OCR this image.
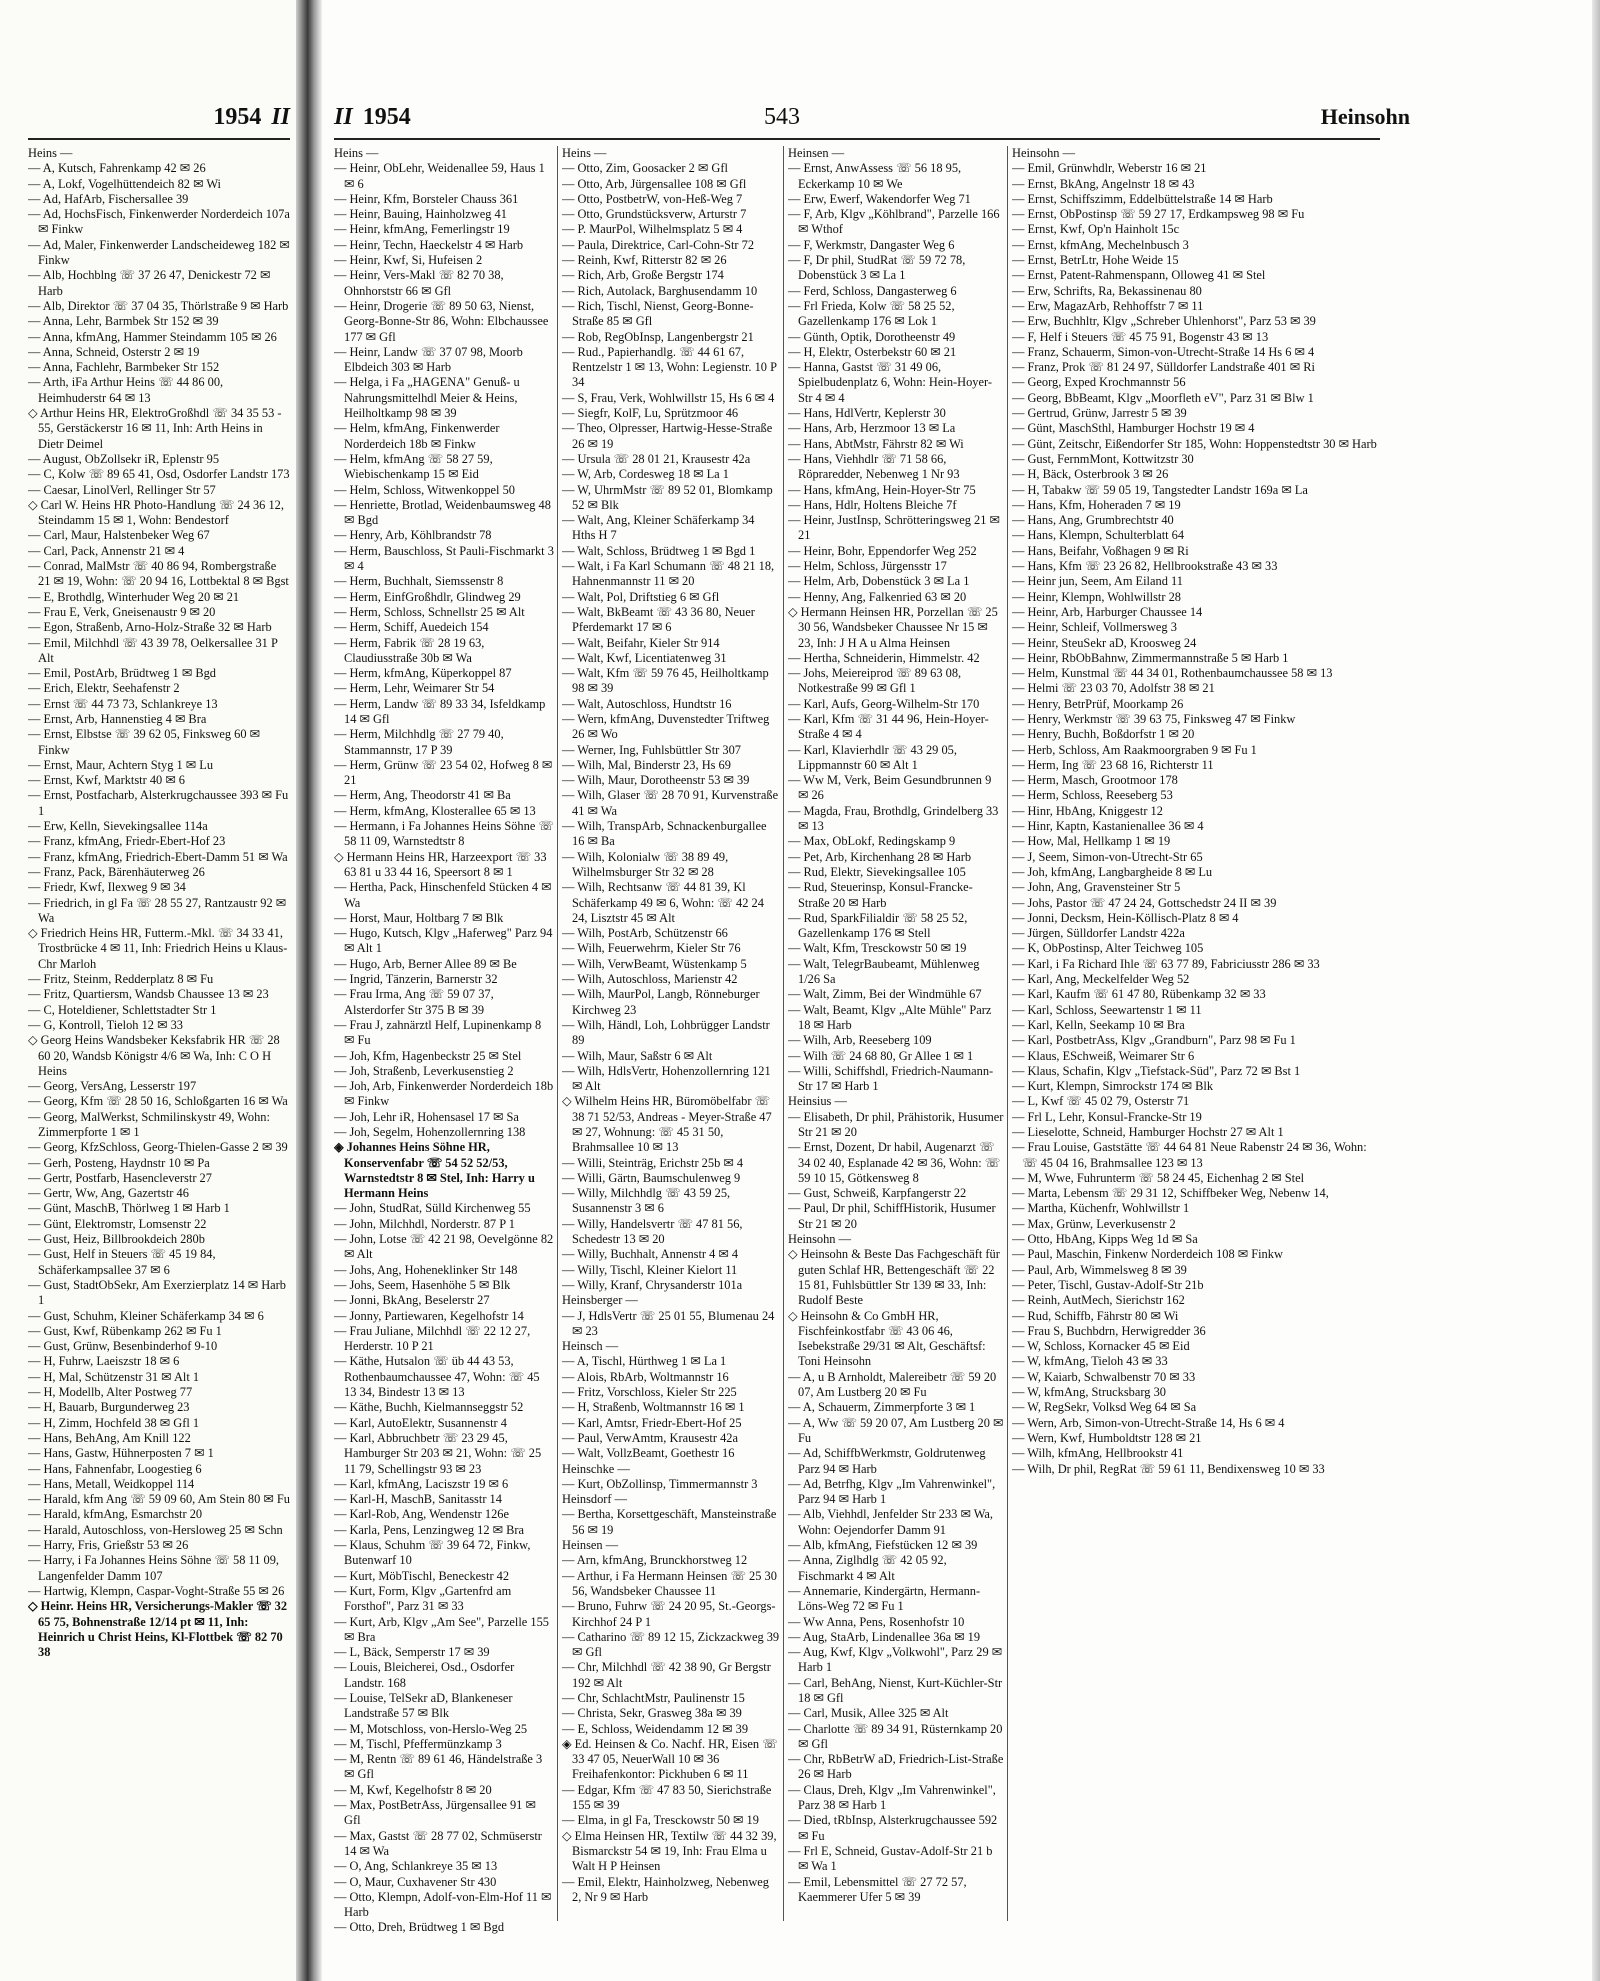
1954 II
Heins —
— A, Kutsch, Fahrenkamp 42 ✉ 26
— A, Lokf, Vogelhüttendeich 82 ✉ Wi
— Ad, HafArb, Fischersallee 39
— Ad, HochsFisch, Finkenwerder Norderdeich 107a ✉ Finkw
— Ad, Maler, Finkenwerder Landscheideweg 182 ✉ Finkw
— Alb, Hochblng ☏ 37 26 47, Denickestr 72 ✉ Harb
— Alb, Direktor ☏ 37 04 35, Thörlstraße 9 ✉ Harb
— Anna, Lehr, Barmbek Str 152 ✉ 39
— Anna, kfmAng, Hammer Steindamm 105 ✉ 26
— Anna, Schneid, Osterstr 2 ✉ 19
— Anna, Fachlehr, Barmbeker Str 152
— Arth, iFa Arthur Heins ☏ 44 86 00, Heimhuderstr 64 ✉ 13
◇ Arthur Heins HR, ElektroGroßhdl ☏ 34 35 53 - 55, Gerstäckerstr 16 ✉ 11, Inh: Arth Heins in Dietr Deimel
— August, ObZollsekr iR, Eplenstr 95
— C, Kolw ☏ 89 65 41, Osd, Osdorfer Landstr 173
— Caesar, LinolVerl, Rellinger Str 57
◇ Carl W. Heins HR Photo-Handlung ☏ 24 36 12, Steindamm 15 ✉ 1, Wohn: Bendestorf
— Carl, Maur, Halstenbeker Weg 67
— Carl, Pack, Annenstr 21 ✉ 4
— Conrad, MalMstr ☏ 40 86 94, Rombergstraße 21 ✉ 19, Wohn: ☏ 20 94 16, Lottbektal 8 ✉ Bgst
— E, Brothdlg, Winterhuder Weg 20 ✉ 21
— Frau E, Verk, Gneisenaustr 9 ✉ 20
— Egon, Straßenb, Arno-Holz-Straße 32 ✉ Harb
— Emil, Milchhdl ☏ 43 39 78, Oelkersallee 31 P Alt
— Emil, PostArb, Brüdtweg 1 ✉ Bgd
— Erich, Elektr, Seehafenstr 2
— Ernst ☏ 44 73 73, Schlankreye 13
— Ernst, Arb, Hannenstieg 4 ✉ Bra
— Ernst, Elbstse ☏ 39 62 05, Finksweg 60 ✉ Finkw
— Ernst, Maur, Achtern Styg 1 ✉ Lu
— Ernst, Kwf, Marktstr 40 ✉ 6
— Ernst, Postfacharb, Alsterkrugchaussee 393 ✉ Fu 1
— Erw, Kelln, Sievekingsallee 114a
— Franz, kfmAng, Friedr-Ebert-Hof 23
— Franz, kfmAng, Friedrich-Ebert-Damm 51 ✉ Wa
— Franz, Pack, Bärenhäuterweg 26
— Friedr, Kwf, Ilexweg 9 ✉ 34
— Friedrich, in gl Fa ☏ 28 55 27, Rantzaustr 92 ✉ Wa
◇ Friedrich Heins HR, Futterm.-Mkl. ☏ 34 33 41, Trostbrücke 4 ✉ 11, Inh: Friedrich Heins u Klaus-Chr Marloh
— Fritz, Steinm, Redderplatz 8 ✉ Fu
— Fritz, Quartiersm, Wandsb Chaussee 13 ✉ 23
— C, Hoteldiener, Schlettstadter Str 1
— G, Kontroll, Tieloh 12 ✉ 33
◇ Georg Heins Wandsbeker Keksfabrik HR ☏ 28 60 20, Wandsb Königstr 4/6 ✉ Wa, Inh: C O H Heins
— Georg, VersAng, Lesserstr 197
— Georg, Kfm ☏ 28 50 16, Schloßgarten 16 ✉ Wa
— Georg, MalWerkst, Schmilinskystr 49, Wohn: Zimmerpforte 1 ✉ 1
— Georg, KfzSchloss, Georg-Thielen-Gasse 2 ✉ 39
— Gerh, Posteng, Haydnstr 10 ✉ Pa
— Gertr, Postfarb, Hasencleverstr 27
— Gertr, Ww, Ang, Gazertstr 46
— Günt, MaschB, Thörlweg 1 ✉ Harb 1
— Günt, Elektromstr, Lomsenstr 22
— Gust, Heiz, Billbrookdeich 280b
— Gust, Helf in Steuers ☏ 45 19 84, Schäferkampsallee 37 ✉ 6
— Gust, StadtObSekr, Am Exerzierplatz 14 ✉ Harb 1
— Gust, Schuhm, Kleiner Schäferkamp 34 ✉ 6
— Gust, Kwf, Rübenkamp 262 ✉ Fu 1
— Gust, Grünw, Besenbinderhof 9-10
— H, Fuhrw, Laeiszstr 18 ✉ 6
— H, Mal, Schützenstr 31 ✉ Alt 1
— H, Modellb, Alter Postweg 77
— H, Bauarb, Burgunderweg 23
— H, Zimm, Hochfeld 38 ✉ Gfl 1
— Hans, BehAng, Am Knill 122
— Hans, Gastw, Hühnerposten 7 ✉ 1
— Hans, Fahnenfabr, Loogestieg 6
— Hans, Metall, Weidkoppel 114
— Harald, kfm Ang ☏ 59 09 60, Am Stein 80 ✉ Fu
— Harald, kfmAng, Esmarchstr 20
— Harald, Autoschloss, von-Hersloweg 25 ✉ Schn
— Harry, Fris, Grießstr 53 ✉ 26
— Harry, i Fa Johannes Heins Söhne ☏ 58 11 09, Langenfelder Damm 107
— Hartwig, Klempn, Caspar-Voght-Straße 55 ✉ 26
◇ Heinr. Heins HR, Versicherungs-Makler ☏ 32 65 75, Bohnenstraße 12/14 pt ✉ 11, Inh: Heinrich u Christ Heins, Kl-Flottbek ☏ 82 70 38
II 1954	543	Heinsohn
Heins —
— Heinr, ObLehr, Weidenallee 59, Haus 1 ✉ 6
— Heinr, Kfm, Borsteler Chauss 361
— Heinr, Bauing, Hainholzweg 41
— Heinr, kfmAng, Femerlingstr 19
— Heinr, Techn, Haeckelstr 4 ✉ Harb
— Heinr, Kwf, Si, Hufeisen 2
— Heinr, Vers-Makl ☏ 82 70 38, Ohnhorststr 66 ✉ Gfl
— Heinr, Drogerie ☏ 89 50 63, Nienst, Georg-Bonne-Str 86, Wohn: Elbchaussee 177 ✉ Gfl
— Heinr, Landw ☏ 37 07 98, Moorb Elbdeich 303 ✉ Harb
— Helga, i Fa „HAGENA" Genuß- u Nahrungsmittelhdl Meier & Heins, Heilholtkamp 98 ✉ 39
— Helm, kfmAng, Finkenwerder Norderdeich 18b ✉ Finkw
— Helm, kfmAng ☏ 58 27 59, Wiebischenkamp 15 ✉ Eid
— Helm, Schloss, Witwenkoppel 50
— Henriette, Brotlad, Weidenbaumsweg 48 ✉ Bgd
— Henry, Arb, Köhlbrandstr 78
— Herm, Bauschloss, St Pauli-Fischmarkt 3 ✉ 4
— Herm, Buchhalt, Siemssenstr 8
— Herm, EinfGroßhdlr, Glindweg 29
— Herm, Schloss, Schnellstr 25 ✉ Alt
— Herm, Schiff, Auedeich 154
— Herm, Fabrik ☏ 28 19 63, Claudiusstraße 30b ✉ Wa
— Herm, kfmAng, Küperkoppel 87
— Herm, Lehr, Weimarer Str 54
— Herm, Landw ☏ 89 33 34, Isfeldkamp 14 ✉ Gfl
— Herm, Milchhdlg ☏ 27 79 40, Stammannstr, 17 P 39
— Herm, Grünw ☏ 23 54 02, Hofweg 8 ✉ 21
— Herm, Ang, Theodorstr 41 ✉ Ba
— Herm, kfmAng, Klosterallee 65 ✉ 13
— Hermann, i Fa Johannes Heins Söhne ☏ 58 11 09, Warnstedtstr 8
◇ Hermann Heins HR, Harzeexport ☏ 33 63 81 u 33 44 16, Speersort 8 ✉ 1
— Hertha, Pack, Hinschenfeld Stücken 4 ✉ Wa
— Horst, Maur, Holtbarg 7 ✉ Blk
— Hugo, Kutsch, Klgv „Haferweg" Parz 94 ✉ Alt 1
— Hugo, Arb, Berner Allee 89 ✉ Be
— Ingrid, Tänzerin, Barnerstr 32
— Frau Irma, Ang ☏ 59 07 37, Alsterdorfer Str 375 B ✉ 39
— Frau J, zahnärztl Helf, Lupinenkamp 8 ✉ Fu
— Joh, Kfm, Hagenbeckstr 25 ✉ Stel
— Joh, Straßenb, Leverkusenstieg 2
— Joh, Arb, Finkenwerder Norderdeich 18b ✉ Finkw
— Joh, Lehr iR, Hohensasel 17 ✉ Sa
— Joh, Segelm, Hohenzollernring 138
◈ Johannes Heins Söhne HR, Konservenfabr ☏ 54 52 52/53, Warnstedtstr 8 ✉ Stel, Inh: Harry u Hermann Heins
— John, StudRat, Sülld Kirchenweg 55
— John, Milchhdl, Norderstr. 87 P 1
— John, Lotse ☏ 42 21 98, Oevelgönne 82 ✉ Alt
— Johs, Ang, Hoheneklinker Str 148
— Johs, Seem, Hasenhöhe 5 ✉ Blk
— Jonni, BkAng, Beselerstr 27
— Jonny, Partiewaren, Kegelhofstr 14
— Frau Juliane, Milchhdl ☏ 22 12 27, Herderstr. 10 P 21
— Käthe, Hutsalon ☏ üb 44 43 53, Rothenbaumchaussee 47, Wohn: ☏ 45 13 34, Bindestr 13 ✉ 13
— Käthe, Buchh, Kielmannseggstr 52
— Karl, AutoElektr, Susannenstr 4
— Karl, Abbruchbetr ☏ 23 29 45, Hamburger Str 203 ✉ 21, Wohn: ☏ 25 11 79, Schellingstr 93 ✉ 23
— Karl, kfmAng, Laciszstr 19 ✉ 6
— Karl-H, MaschB, Sanitasstr 14
— Karl-Rob, Ang, Wendenstr 126e
— Karla, Pens, Lenzingweg 12 ✉ Bra
— Klaus, Schuhm ☏ 39 64 72, Finkw, Butenwarf 10
— Kurt, MöbTischl, Beneckestr 42
— Kurt, Form, Klgv „Gartenfrd am Forsthof", Parz 31 ✉ 33
— Kurt, Arb, Klgv „Am See", Parzelle 155 ✉ Bra
— L, Bäck, Semperstr 17 ✉ 39
— Louis, Bleicherei, Osd., Osdorfer Landstr. 168
— Louise, TelSekr aD, Blankeneser Landstraße 57 ✉ Blk
— M, Motschloss, von-Herslo-Weg 25
— M, Tischl, Pfeffermünzkamp 3
— M, Rentn ☏ 89 61 46, Händelstraße 3 ✉ Gfl
— M, Kwf, Kegelhofstr 8 ✉ 20
— Max, PostBetrAss, Jürgensallee 91 ✉ Gfl
— Max, Gastst ☏ 28 77 02, Schmüserstr 14 ✉ Wa
— O, Ang, Schlankreye 35 ✉ 13
— O, Maur, Cuxhavener Str 430
— Otto, Klempn, Adolf-von-Elm-Hof 11 ✉ Harb
— Otto, Dreh, Brüdtweg 1 ✉ Bgd
Heins —
— Otto, Zim, Goosacker 2 ✉ Gfl
— Otto, Arb, Jürgensallee 108 ✉ Gfl
— Otto, PostbetrW, von-Heß-Weg 7
— Otto, Grundstücksverw, Arturstr 7
— P. MaurPol, Wilhelmsplatz 5 ✉ 4
— Paula, Direktrice, Carl-Cohn-Str 72
— Reinh, Kwf, Ritterstr 82 ✉ 26
— Rich, Arb, Große Bergstr 174
— Rich, Autolack, Barghusendamm 10
— Rich, Tischl, Nienst, Georg-Bonne-Straße 85 ✉ Gfl
— Rob, RegObInsp, Langenbergstr 21
— Rud., Papierhandlg. ☏ 44 61 67, Rentzelstr 1 ✉ 13, Wohn: Legienstr. 10 P 34
— S, Frau, Verk, Wohlwillstr 15, Hs 6 ✉ 4
— Siegfr, KolF, Lu, Sprützmoor 46
— Theo, Olpresser, Hartwig-Hesse-Straße 26 ✉ 19
— Ursula ☏ 28 01 21, Krausestr 42a
— W, Arb, Cordesweg 18 ✉ La 1
— W, UhrmMstr ☏ 89 52 01, Blomkamp 52 ✉ Blk
— Walt, Ang, Kleiner Schäferkamp 34 Hths H 7
— Walt, Schloss, Brüdtweg 1 ✉ Bgd 1
— Walt, i Fa Karl Schumann ☏ 48 21 18, Hahnenmannstr 11 ✉ 20
— Walt, Pol, Driftstieg 6 ✉ Gfl
— Walt, BkBeamt ☏ 43 36 80, Neuer Pferdemarkt 17 ✉ 6
— Walt, Beifahr, Kieler Str 914
— Walt, Kwf, Licentiatenweg 31
— Walt, Kfm ☏ 59 76 45, Heilholtkamp 98 ✉ 39
— Walt, Autoschloss, Hundtstr 16
— Wern, kfmAng, Duvenstedter Triftweg 26 ✉ Wo
— Werner, Ing, Fuhlsbüttler Str 307
— Wilh, Mal, Binderstr 23, Hs 69
— Wilh, Maur, Dorotheenstr 53 ✉ 39
— Wilh, Glaser ☏ 28 70 91, Kurvenstraße 41 ✉ Wa
— Wilh, TranspArb, Schnackenburgallee 16 ✉ Ba
— Wilh, Kolonialw ☏ 38 89 49, Wilhelmsburger Str 32 ✉ 28
— Wilh, Rechtsanw ☏ 44 81 39, Kl Schäferkamp 49 ✉ 6, Wohn: ☏ 42 24 24, Lisztstr 45 ✉ Alt
— Wilh, PostArb, Schützenstr 66
— Wilh, Feuerwehrm, Kieler Str 76
— Wilh, VerwBeamt, Wüstenkamp 5
— Wilh, Autoschloss, Marienstr 42
— Wilh, MaurPol, Langb, Rönneburger Kirchweg 23
— Wilh, Händl, Loh, Lohbrügger Landstr 89
— Wilh, Maur, Saßstr 6 ✉ Alt
— Wilh, HdlsVertr, Hohenzollernring 121 ✉ Alt
◇ Wilhelm Heins HR, Büromöbelfabr ☏ 38 71 52/53, Andreas - Meyer-Straße 47 ✉ 27, Wohnung: ☏ 45 31 50, Brahmsallee 10 ✉ 13
— Willi, Steinträg, Erichstr 25b ✉ 4
— Willi, Gärtn, Baumschulenweg 9
— Willy, Milchhdlg ☏ 43 59 25, Susannenstr 3 ✉ 6
— Willy, Handelsvertr ☏ 47 81 56, Schedestr 13 ✉ 20
— Willy, Buchhalt, Annenstr 4 ✉ 4
— Willy, Tischl, Kleiner Kielort 11
— Willy, Kranf, Chrysanderstr 101a
Heinsberger —
— J, HdlsVertr ☏ 25 01 55, Blumenau 24 ✉ 23
Heinsch —
— A, Tischl, Hürthweg 1 ✉ La 1
— Alois, RbArb, Woltmannstr 16
— Fritz, Vorschloss, Kieler Str 225
— H, Straßenb, Woltmannstr 16 ✉ 1
— Karl, Amtsr, Friedr-Ebert-Hof 25
— Paul, VerwAmtm, Krausestr 42a
— Walt, VollzBeamt, Goethestr 16
Heinschke —
— Kurt, ObZollinsp, Timmermannstr 3
Heinsdorf —
— Bertha, Korsettgeschäft, Mansteinstraße 56 ✉ 19
Heinsen —
— Arn, kfmAng, Brunckhorstweg 12
— Arthur, i Fa Hermann Heinsen ☏ 25 30 56, Wandsbeker Chaussee 11
— Bruno, Fuhrw ☏ 24 20 95, St.-Georgs-Kirchhof 24 P 1
— Catharino ☏ 89 12 15, Zickzackweg 39 ✉ Gfl
— Chr, Milchhdl ☏ 42 38 90, Gr Bergstr 192 ✉ Alt
— Chr, SchlachtMstr, Paulinenstr 15
— Christa, Sekr, Grasweg 38a ✉ 39
— E, Schloss, Weidendamm 12 ✉ 39
◈ Ed. Heinsen & Co. Nachf. HR, Eisen ☏ 33 47 05, NeuerWall 10 ✉ 36 Freihafenkontor: Pickhuben 6 ✉ 11
— Edgar, Kfm ☏ 47 83 50, Sierichstraße 155 ✉ 39
— Elma, in gl Fa, Tresckowstr 50 ✉ 19
◇ Elma Heinsen HR, Textilw ☏ 44 32 39, Bismarckstr 54 ✉ 19, Inh: Frau Elma u Walt H P Heinsen
— Emil, Elektr, Hainholzweg, Nebenweg 2, Nr 9 ✉ Harb
Heinsen —
— Ernst, AnwAssess ☏ 56 18 95, Eckerkamp 10 ✉ We
— Erw, Ewerf, Wakendorfer Weg 71
— F, Arb, Klgv „Köhlbrand", Parzelle 166 ✉ Wthof
— F, Werkmstr, Dangaster Weg 6
— F, Dr phil, StudRat ☏ 59 72 78, Dobenstück 3 ✉ La 1
— Ferd, Schloss, Dangasterweg 6
— Frl Frieda, Kolw ☏ 58 25 52, Gazellenkamp 176 ✉ Lok 1
— Günth, Optik, Dorotheenstr 49
— H, Elektr, Osterbekstr 60 ✉ 21
— Hanna, Gastst ☏ 31 49 06, Spielbudenplatz 6, Wohn: Hein-Hoyer-Str 4 ✉ 4
— Hans, HdlVertr, Keplerstr 30
— Hans, Arb, Herzmoor 13 ✉ La
— Hans, AbtMstr, Fährstr 82 ✉ Wi
— Hans, Viehhdlr ☏ 71 58 66, Röpraredder, Nebenweg 1 Nr 93
— Hans, kfmAng, Hein-Hoyer-Str 75
— Hans, Hdlr, Holtens Bleiche 7f
— Heinr, JustInsp, Schrötteringsweg 21 ✉ 21
— Heinr, Bohr, Eppendorfer Weg 252
— Helm, Schloss, Jürgensstr 17
— Helm, Arb, Dobenstück 3 ✉ La 1
— Henny, Ang, Falkenried 63 ✉ 20
◇ Hermann Heinsen HR, Porzellan ☏ 25 30 56, Wandsbeker Chaussee Nr 15 ✉ 23, Inh: J H A u Alma Heinsen
— Hertha, Schneiderin, Himmelstr. 42
— Johs, Meiereiprod ☏ 89 63 08, Notkestraße 99 ✉ Gfl 1
— Karl, Aufs, Georg-Wilhelm-Str 170
— Karl, Kfm ☏ 31 44 96, Hein-Hoyer-Straße 4 ✉ 4
— Karl, Klavierhdlr ☏ 43 29 05, Lippmannstr 60 ✉ Alt 1
— Ww M, Verk, Beim Gesundbrunnen 9 ✉ 26
— Magda, Frau, Brothdlg, Grindelberg 33 ✉ 13
— Max, ObLokf, Redingskamp 9
— Pet, Arb, Kirchenhang 28 ✉ Harb
— Rud, Elektr, Sievekingsallee 105
— Rud, Steuerinsp, Konsul-Francke-Straße 20 ✉ Harb
— Rud, SparkFilialdir ☏ 58 25 52, Gazellenkamp 176 ✉ Stell
— Walt, Kfm, Tresckowstr 50 ✉ 19
— Walt, TelegrBaubeamt, Mühlenweg 1/26 Sa
— Walt, Zimm, Bei der Windmühle 67
— Walt, Beamt, Klgv „Alte Mühle" Parz 18 ✉ Harb
— Wilh, Arb, Reeseberg 109
— Wilh ☏ 24 68 80, Gr Allee 1 ✉ 1
— Willi, Schiffshdl, Friedrich-Naumann-Str 17 ✉ Harb 1
Heinsius —
— Elisabeth, Dr phil, Prähistorik, Husumer Str 21 ✉ 20
— Ernst, Dozent, Dr habil, Augenarzt ☏ 34 02 40, Esplanade 42 ✉ 36, Wohn: ☏ 59 10 15, Götkensweg 8
— Gust, Schweiß, Karpfangerstr 22
— Paul, Dr phil, SchiffHistorik, Husumer Str 21 ✉ 20
Heinsohn —
◇ Heinsohn & Beste Das Fachgeschäft für guten Schlaf HR, Bettengeschäft ☏ 22 15 81, Fuhlsbüttler Str 139 ✉ 33, Inh: Rudolf Beste
◇ Heinsohn & Co GmbH HR, Fischfeinkostfabr ☏ 43 06 46, Isebekstraße 29/31 ✉ Alt, Geschäftsf: Toni Heinsohn
— A, u B Arnholdt, Malereibetr ☏ 59 20 07, Am Lustberg 20 ✉ Fu
— A, Schauerm, Zimmerpforte 3 ✉ 1
— A, Ww ☏ 59 20 07, Am Lustberg 20 ✉ Fu
— Ad, SchiffbWerkmstr, Goldrutenweg Parz 94 ✉ Harb
— Ad, Betrfhg, Klgv „Im Vahrenwinkel", Parz 94 ✉ Harb 1
— Alb, Viehhdl, Jenfelder Str 233 ✉ Wa, Wohn: Oejendorfer Damm 91
— Alb, kfmAng, Fiefstücken 12 ✉ 39
— Anna, Ziglhdlg ☏ 42 05 92, Fischmarkt 4 ✉ Alt
— Annemarie, Kindergärtn, Hermann-Löns-Weg 72 ✉ Fu 1
— Ww Anna, Pens, Rosenhofstr 10
— Aug, StaArb, Lindenallee 36a ✉ 19
— Aug, Kwf, Klgv „Volkwohl", Parz 29 ✉ Harb 1
— Carl, BehAng, Nienst, Kurt-Küchler-Str 18 ✉ Gfl
— Carl, Musik, Allee 325 ✉ Alt
— Charlotte ☏ 89 34 91, Rüsternkamp 20 ✉ Gfl
— Chr, RbBetrW aD, Friedrich-List-Straße 26 ✉ Harb
— Claus, Dreh, Klgv „Im Vahrenwinkel", Parz 38 ✉ Harb 1
— Died, tRbInsp, Alsterkrugchaussee 592 ✉ Fu
— Frl E, Schneid, Gustav-Adolf-Str 21 b ✉ Wa 1
— Emil, Lebensmittel ☏ 27 72 57, Kaemmerer Ufer 5 ✉ 39
Heinsohn —
— Emil, Grünwhdlr, Weberstr 16 ✉ 21
— Ernst, BkAng, Angelnstr 18 ✉ 43
— Ernst, Schiffszimm, Eddelbüttelstraße 14 ✉ Harb
— Ernst, ObPostinsp ☏ 59 27 17, Erdkampsweg 98 ✉ Fu
— Ernst, Kwf, Op'n Hainholt 15c
— Ernst, kfmAng, Mechelnbusch 3
— Ernst, BetrLtr, Hohe Weide 15
— Ernst, Patent-Rahmenspann, Olloweg 41 ✉ Stel
— Erw, Schrifts, Ra, Bekassinenau 80
— Erw, MagazArb, Rehhoffstr 7 ✉ 11
— Erw, Buchhltr, Klgv „Schreber Uhlenhorst", Parz 53 ✉ 39
— F, Helf i Steuers ☏ 45 75 91, Bogenstr 43 ✉ 13
— Franz, Schauerm, Simon-von-Utrecht-Straße 14 Hs 6 ✉ 4
— Franz, Prok ☏ 81 24 97, Sülldorfer Landstraße 401 ✉ Ri
— Georg, Exped Krochmannstr 56
— Georg, BbBeamt, Klgv „Moorfleth eV", Parz 31 ✉ Blw 1
— Gertrud, Grünw, Jarrestr 5 ✉ 39
— Günt, MaschSthl, Hamburger Hochstr 19 ✉ 4
— Günt, Zeitschr, Eißendorfer Str 185, Wohn: Hoppenstedtstr 30 ✉ Harb
— Gust, FernmMont, Kottwitzstr 30
— H, Bäck, Osterbrook 3 ✉ 26
— H, Tabakw ☏ 59 05 19, Tangstedter Landstr 169a ✉ La
— Hans, Kfm, Hoheraden 7 ✉ 19
— Hans, Ang, Grumbrechtstr 40
— Hans, Klempn, Schulterblatt 64
— Hans, Beifahr, Voßhagen 9 ✉ Ri
— Hans, Kfm ☏ 23 26 82, Hellbrookstraße 43 ✉ 33
— Heinr jun, Seem, Am Eiland 11
— Heinr, Klempn, Wohlwillstr 28
— Heinr, Arb, Harburger Chaussee 14
— Heinr, Schleif, Vollmersweg 3
— Heinr, SteuSekr aD, Kroosweg 24
— Heinr, RbObBahnw, Zimmermannstraße 5 ✉ Harb 1
— Helm, Kunstmal ☏ 44 34 01, Rothenbaumchaussee 58 ✉ 13
— Helmi ☏ 23 03 70, Adolfstr 38 ✉ 21
— Henry, BetrPrüf, Moorkamp 26
— Henry, Werkmstr ☏ 39 63 75, Finksweg 47 ✉ Finkw
— Henry, Buchh, Boßdorfstr 1 ✉ 20
— Herb, Schloss, Am Raakmoorgraben 9 ✉ Fu 1
— Herm, Ing ☏ 23 68 16, Richterstr 11
— Herm, Masch, Grootmoor 178
— Herm, Schloss, Reeseberg 53
— Hinr, HbAng, Kniggestr 12
— Hinr, Kaptn, Kastanienallee 36 ✉ 4
— How, Mal, Hellkamp 1 ✉ 19
— J, Seem, Simon-von-Utrecht-Str 65
— Joh, kfmAng, Langbargheide 8 ✉ Lu
— John, Ang, Gravensteiner Str 5
— Johs, Pastor ☏ 47 24 24, Gottschedstr 24 II ✉ 39
— Jonni, Decksm, Hein-Köllisch-Platz 8 ✉ 4
— Jürgen, Sülldorfer Landstr 422a
— K, ObPostinsp, Alter Teichweg 105
— Karl, i Fa Richard Ihle ☏ 63 77 89, Fabriciusstr 286 ✉ 33
— Karl, Ang, Meckelfelder Weg 52
— Karl, Kaufm ☏ 61 47 80, Rübenkamp 32 ✉ 33
— Karl, Schloss, Seewartenstr 1 ✉ 11
— Karl, Kelln, Seekamp 10 ✉ Bra
— Karl, PostbetrAss, Klgv „Grandburn", Parz 98 ✉ Fu 1
— Klaus, ESchweiß, Weimarer Str 6
— Klaus, Schafin, Klgv „Tiefstack-Süd", Parz 72 ✉ Bst 1
— Kurt, Klempn, Simrockstr 174 ✉ Blk
— L, Kwf ☏ 45 02 79, Osterstr 71
— Frl L, Lehr, Konsul-Francke-Str 19
— Lieselotte, Schneid, Hamburger Hochstr 27 ✉ Alt 1
— Frau Louise, Gaststätte ☏ 44 64 81 Neue Rabenstr 24 ✉ 36, Wohn: ☏ 45 04 16, Brahmsallee 123 ✉ 13
— M, Wwe, Fuhrunterm ☏ 58 24 45, Eichenhag 2 ✉ Stel
— Marta, Lebensm ☏ 29 31 12, Schiffbeker Weg, Nebenw 14,
— Martha, Küchenfr, Wohlwillstr 1
— Max, Grünw, Leverkusenstr 2
— Otto, HbAng, Kipps Weg 1d ✉ Sa
— Paul, Maschin, Finkenw Norderdeich 108 ✉ Finkw
— Paul, Arb, Wimmelsweg 8 ✉ 39
— Peter, Tischl, Gustav-Adolf-Str 21b
— Reinh, AutMech, Sierichstr 162
— Rud, Schiffb, Fährstr 80 ✉ Wi
— Frau S, Buchbdrn, Herwigredder 36
— W, Schloss, Kornacker 45 ✉ Eid
— W, kfmAng, Tieloh 43 ✉ 33
— W, Kaiarb, Schwalbenstr 70 ✉ 33
— W, kfmAng, Strucksbarg 30
— W, RegSekr, Volksd Weg 64 ✉ Sa
— Wern, Arb, Simon-von-Utrecht-Straße 14, Hs 6 ✉ 4
— Wern, Kwf, Humboldtstr 128 ✉ 21
— Wilh, kfmAng, Hellbrookstr 41
— Wilh, Dr phil, RegRat ☏ 59 61 11, Bendixensweg 10 ✉ 33
